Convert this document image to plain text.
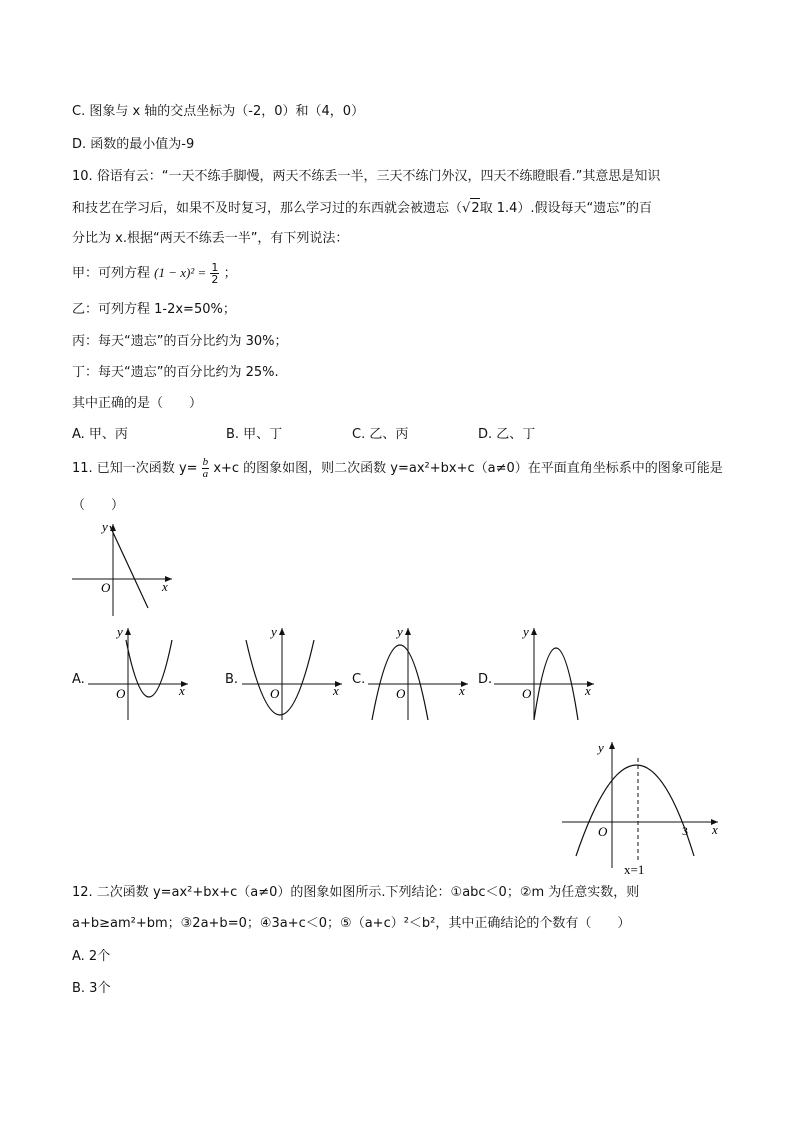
C. 图象与 x 轴的交点坐标为（-2，0）和（4，0）
D. 函数的最小值为-9
10. 俗语有云：“一天不练手脚慢，两天不练丢一半，三天不练门外汉，四天不练瞪眼看.”其意思是知识
和技艺在学习后，如果不及时复习，那么学习过的东西就会被遗忘（√2取 1.4）.假设每天“遗忘”的百
分比为 x.根据“两天不练丢一半”，有下列说法：
甲：可列方程 $(1 - x)^2 = \frac{1}{2}$ ；
乙：可列方程 1-2x=50%；
丙：每天“遗忘”的百分比约为 30%；
丁：每天“遗忘”的百分比约为 25%.
其中正确的是（　　）
A. 甲、丙	B. 甲、丁	C. 乙、丙	D. 乙、丁
11. 已知一次函数 $y= \frac{b}{a} x+c$ 的图象如图，则二次函数 y=ax²+bx+c（a≠0）在平面直角坐标系中的图象可能是
（　　）
y
x
O
A.
y
x
O
B.
y
x
O
C.
y
x
O
D.
y
x
O
y
x
O	3
x=1
12. 二次函数 y=ax²+bx+c（a≠0）的图象如图所示.下列结论：①abc＜0；②m 为任意实数，则
a+b≥am²+bm；③2a+b=0；④3a+c＜0；⑤（a+c）²＜b²，其中正确结论的个数有（　　）
A. 2个
B. 3个
